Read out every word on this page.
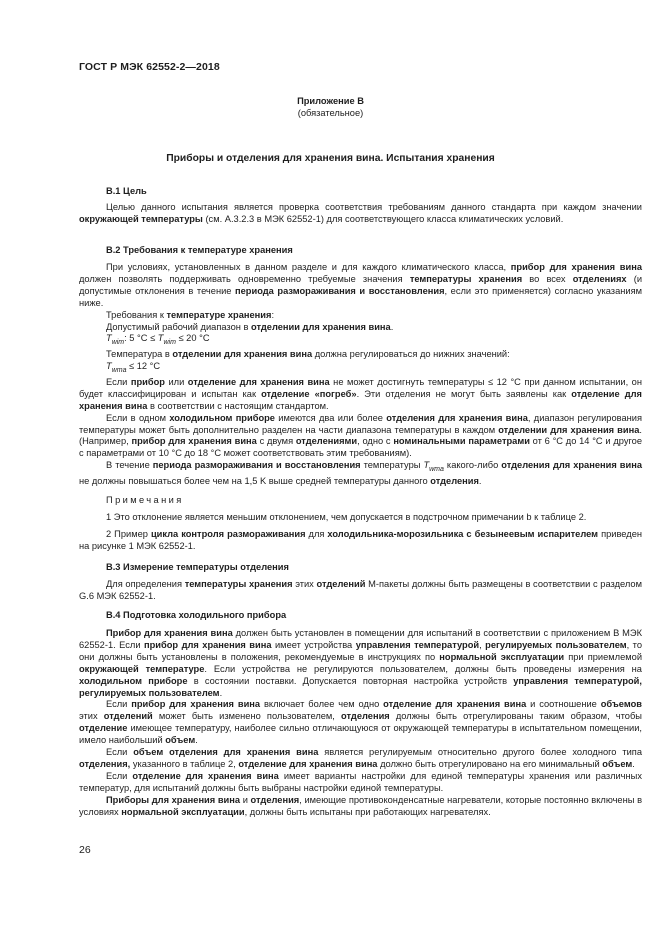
ГОСТ Р МЭК 62552-2—2018
Приложение В
(обязательное)
Приборы и отделения для хранения вина. Испытания хранения
B.1 Цель

Целью данного испытания является проверка соответствия требованиям данного стандарта при каждом значении окружающей температуры (см. A.3.2.3 в МЭК 62552-1) для соответствующего класса климатических условий.

B.2 Требования к температуре хранения

При условиях, установленных в данном разделе и для каждого климатического класса, прибор для хранения вина должен позволять поддерживать одновременно требуемые значения температуры хранения во всех отделениях (и допустимые отклонения в течение периода размораживания и восстановления, если это применяется) согласно указаниям ниже.

Требования к температуре хранения:

Допустимый рабочий диапазон в отделении для хранения вина.

$T_{wim}$: 5 $^\circ C \le T_{wim} \le 20$ °C

Температура в отделении для хранения вина должна регулироваться до нижних значений:

$T_{wma} \le 12$ °C

Если прибор или отделение для хранения вина не может достигнуть температуры ≤ 12 °C при данном испытании, он будет классифицирован и испытан как отделение «погреб». Эти отделения не могут быть заявлены как отделение для хранения вина в соответствии с настоящим стандартом.

Если в одном холодильном приборе имеются два или более отделения для хранения вина, диапазон регулирования температуры может быть дополнительно разделен на части диапазона температуры в каждом отделении для хранения вина. (Например, прибор для хранения вина с двумя отделениями, одно с номинальными параметрами от 6 °C до 14 °C и другое с параметрами от 10 °C до 18 °C может соответствовать этим требованиям).

В течение периода размораживания и восстановления температуры $T_{wma}$ какого-либо отделения для хранения вина не должны повышаться более чем на 1,5 K выше средней температуры данного отделения.

Примечания

1 Это отклонение является меньшим отклонением, чем допускается в подстрочном примечании b к таблице 2.

2 Пример цикла контроля размораживания для холодильника-морозильника с безынеевым испарителем приведен на рисунке 1 МЭК 62552-1.

B.3 Измерение температуры отделения

Для определения температуры хранения этих отделений М-пакеты должны быть размещены в соответствии с разделом G.6 МЭК 62552-1.

B.4 Подготовка холодильного прибора

Прибор для хранения вина должен быть установлен в помещении для испытаний в соответствии с приложением В МЭК 62552-1. Если прибор для хранения вина имеет устройства управления температурой, регулируемых пользователем, то они должны быть установлены в положения, рекомендуемые в инструкциях по нормальной эксплуатации при приемлемой окружающей температуре. Если устройства не регулируются пользователем, должны быть проведены измерения на холодильном приборе в состоянии поставки. Допускается повторная настройка устройств управления температурой, регулируемых пользователем.

Если прибор для хранения вина включает более чем одно отделение для хранения вина и соотношение объемов этих отделений может быть изменено пользователем, отделения должны быть отрегулированы таким образом, чтобы отделение имеющее температуру, наиболее сильно отличающуюся от окружающей температуры в испытательном помещении, имело наибольший объем.

Если объем отделения для хранения вина является регулируемым относительно другого более холодного типа отделения, указанного в таблице 2, отделение для хранения вина должно быть отрегулировано на его минимальный объем.

Если отделение для хранения вина имеет варианты настройки для единой температуры хранения или различных температур, для испытаний должны быть выбраны настройки единой температуры.

Приборы для хранения вина и отделения, имеющие противоконденсатные нагреватели, которые постоянно включены в условиях нормальной эксплуатации, должны быть испытаны при работающих нагревателях.

26
